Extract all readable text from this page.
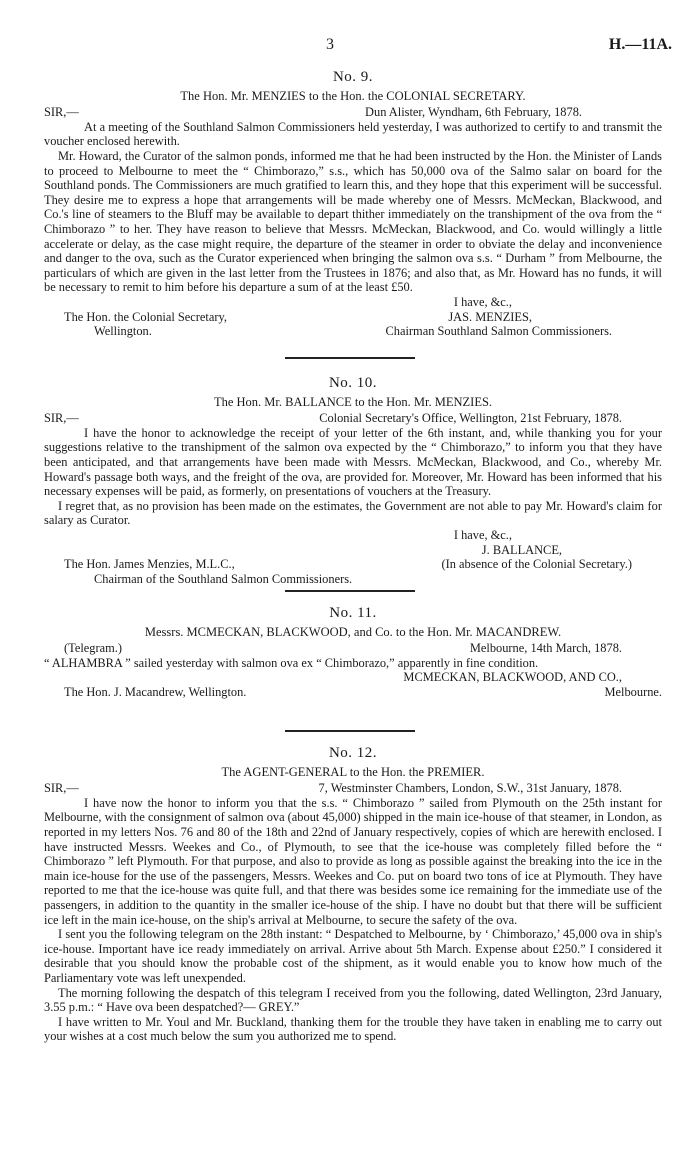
3	H.—11A.
No. 9.
The Hon. Mr. MENZIES to the Hon. the COLONIAL SECRETARY.
SIR,—	Dun Alister, Wyndham, 6th February, 1878.

At a meeting of the Southland Salmon Commissioners held yesterday, I was authorized to certify to and transmit the voucher enclosed herewith.

Mr. Howard, the Curator of the salmon ponds, informed me that he had been instructed by the Hon. the Minister of Lands to proceed to Melbourne to meet the “ Chimborazo,” s.s., which has 50,000 ova of the Salmo salar on board for the Southland ponds. The Commissioners are much gratified to learn this, and they hope that this experiment will be successful. They desire me to express a hope that arrangements will be made whereby one of Messrs. McMeckan, Blackwood, and Co.'s line of steamers to the Bluff may be available to depart thither immediately on the transhipment of the ova from the “ Chimborazo ” to her. They have reason to believe that Messrs. McMeckan, Blackwood, and Co. would willingly a little accelerate or delay, as the case might require, the departure of the steamer in order to obviate the delay and inconvenience and danger to the ova, such as the Curator experienced when bringing the salmon ova s.s. “ Durham ” from Melbourne, the particulars of which are given in the last letter from the Trustees in 1876; and also that, as Mr. Howard has no funds, it will be necessary to remit to him before his departure a sum of at the least £50.

I have, &c.,
The Hon. the Colonial Secretary,	JAS. MENZIES,
Wellington.	Chairman Southland Salmon Commissioners.
No. 10.
The Hon. Mr. BALLANCE to the Hon. Mr. MENZIES.
SIR,—	Colonial Secretary's Office, Wellington, 21st February, 1878.

I have the honor to acknowledge the receipt of your letter of the 6th instant, and, while thanking you for your suggestions relative to the transhipment of the salmon ova expected by the “ Chimborazo,” to inform you that they have been anticipated, and that arrangements have been made with Messrs. McMeckan, Blackwood, and Co., whereby Mr. Howard's passage both ways, and the freight of the ova, are provided for. Moreover, Mr. Howard has been informed that his necessary expenses will be paid, as formerly, on presentations of vouchers at the Treasury.

I regret that, as no provision has been made on the estimates, the Government are not able to pay Mr. Howard's claim for salary as Curator.

I have, &c.,
J. BALLANCE,
The Hon. James Menzies, M.L.C.,	(In absence of the Colonial Secretary.)
Chairman of the Southland Salmon Commissioners.
No. 11.
Messrs. MCMECKAN, BLACKWOOD, and Co. to the Hon. Mr. MACANDREW.
(Telegram.)	Melbourne, 14th March, 1878.
“ ALHAMBRA ” sailed yesterday with salmon ova ex “ Chimborazo,” apparently in fine condition.
MCMECKAN, BLACKWOOD, AND CO.,
The Hon. J. Macandrew, Wellington.	Melbourne.
No. 12.
The AGENT-GENERAL to the Hon. the PREMIER.
SIR,—	7, Westminster Chambers, London, S.W., 31st January, 1878.

I have now the honor to inform you that the s.s. “ Chimborazo ” sailed from Plymouth on the 25th instant for Melbourne, with the consignment of salmon ova (about 45,000) shipped in the main ice-house of that steamer, in London, as reported in my letters Nos. 76 and 80 of the 18th and 22nd of January respectively, copies of which are herewith enclosed. I have instructed Messrs. Weekes and Co., of Plymouth, to see that the ice-house was completely filled before the “ Chimborazo ” left Plymouth. For that purpose, and also to provide as long as possible against the breaking into the ice in the main ice-house for the use of the passengers, Messrs. Weekes and Co. put on board two tons of ice at Plymouth. They have reported to me that the ice-house was quite full, and that there was besides some ice remaining for the immediate use of the passengers, in addition to the quantity in the smaller ice-house of the ship. I have no doubt but that there will be sufficient ice left in the main ice-house, on the ship's arrival at Melbourne, to secure the safety of the ova.

I sent you the following telegram on the 28th instant: “ Despatched to Melbourne, by ‘ Chimborazo,’ 45,000 ova in ship's ice-house. Important have ice ready immediately on arrival. Arrive about 5th March. Expense about £250.” I considered it desirable that you should know the probable cost of the shipment, as it would enable you to know how much of the Parliamentary vote was left unexpended.

The morning following the despatch of this telegram I received from you the following, dated Wellington, 23rd January, 3.55 p.m.: “ Have ova been despatched?— GREY.”

I have written to Mr. Youl and Mr. Buckland, thanking them for the trouble they have taken in enabling me to carry out your wishes at a cost much below the sum you authorized me to spend.
